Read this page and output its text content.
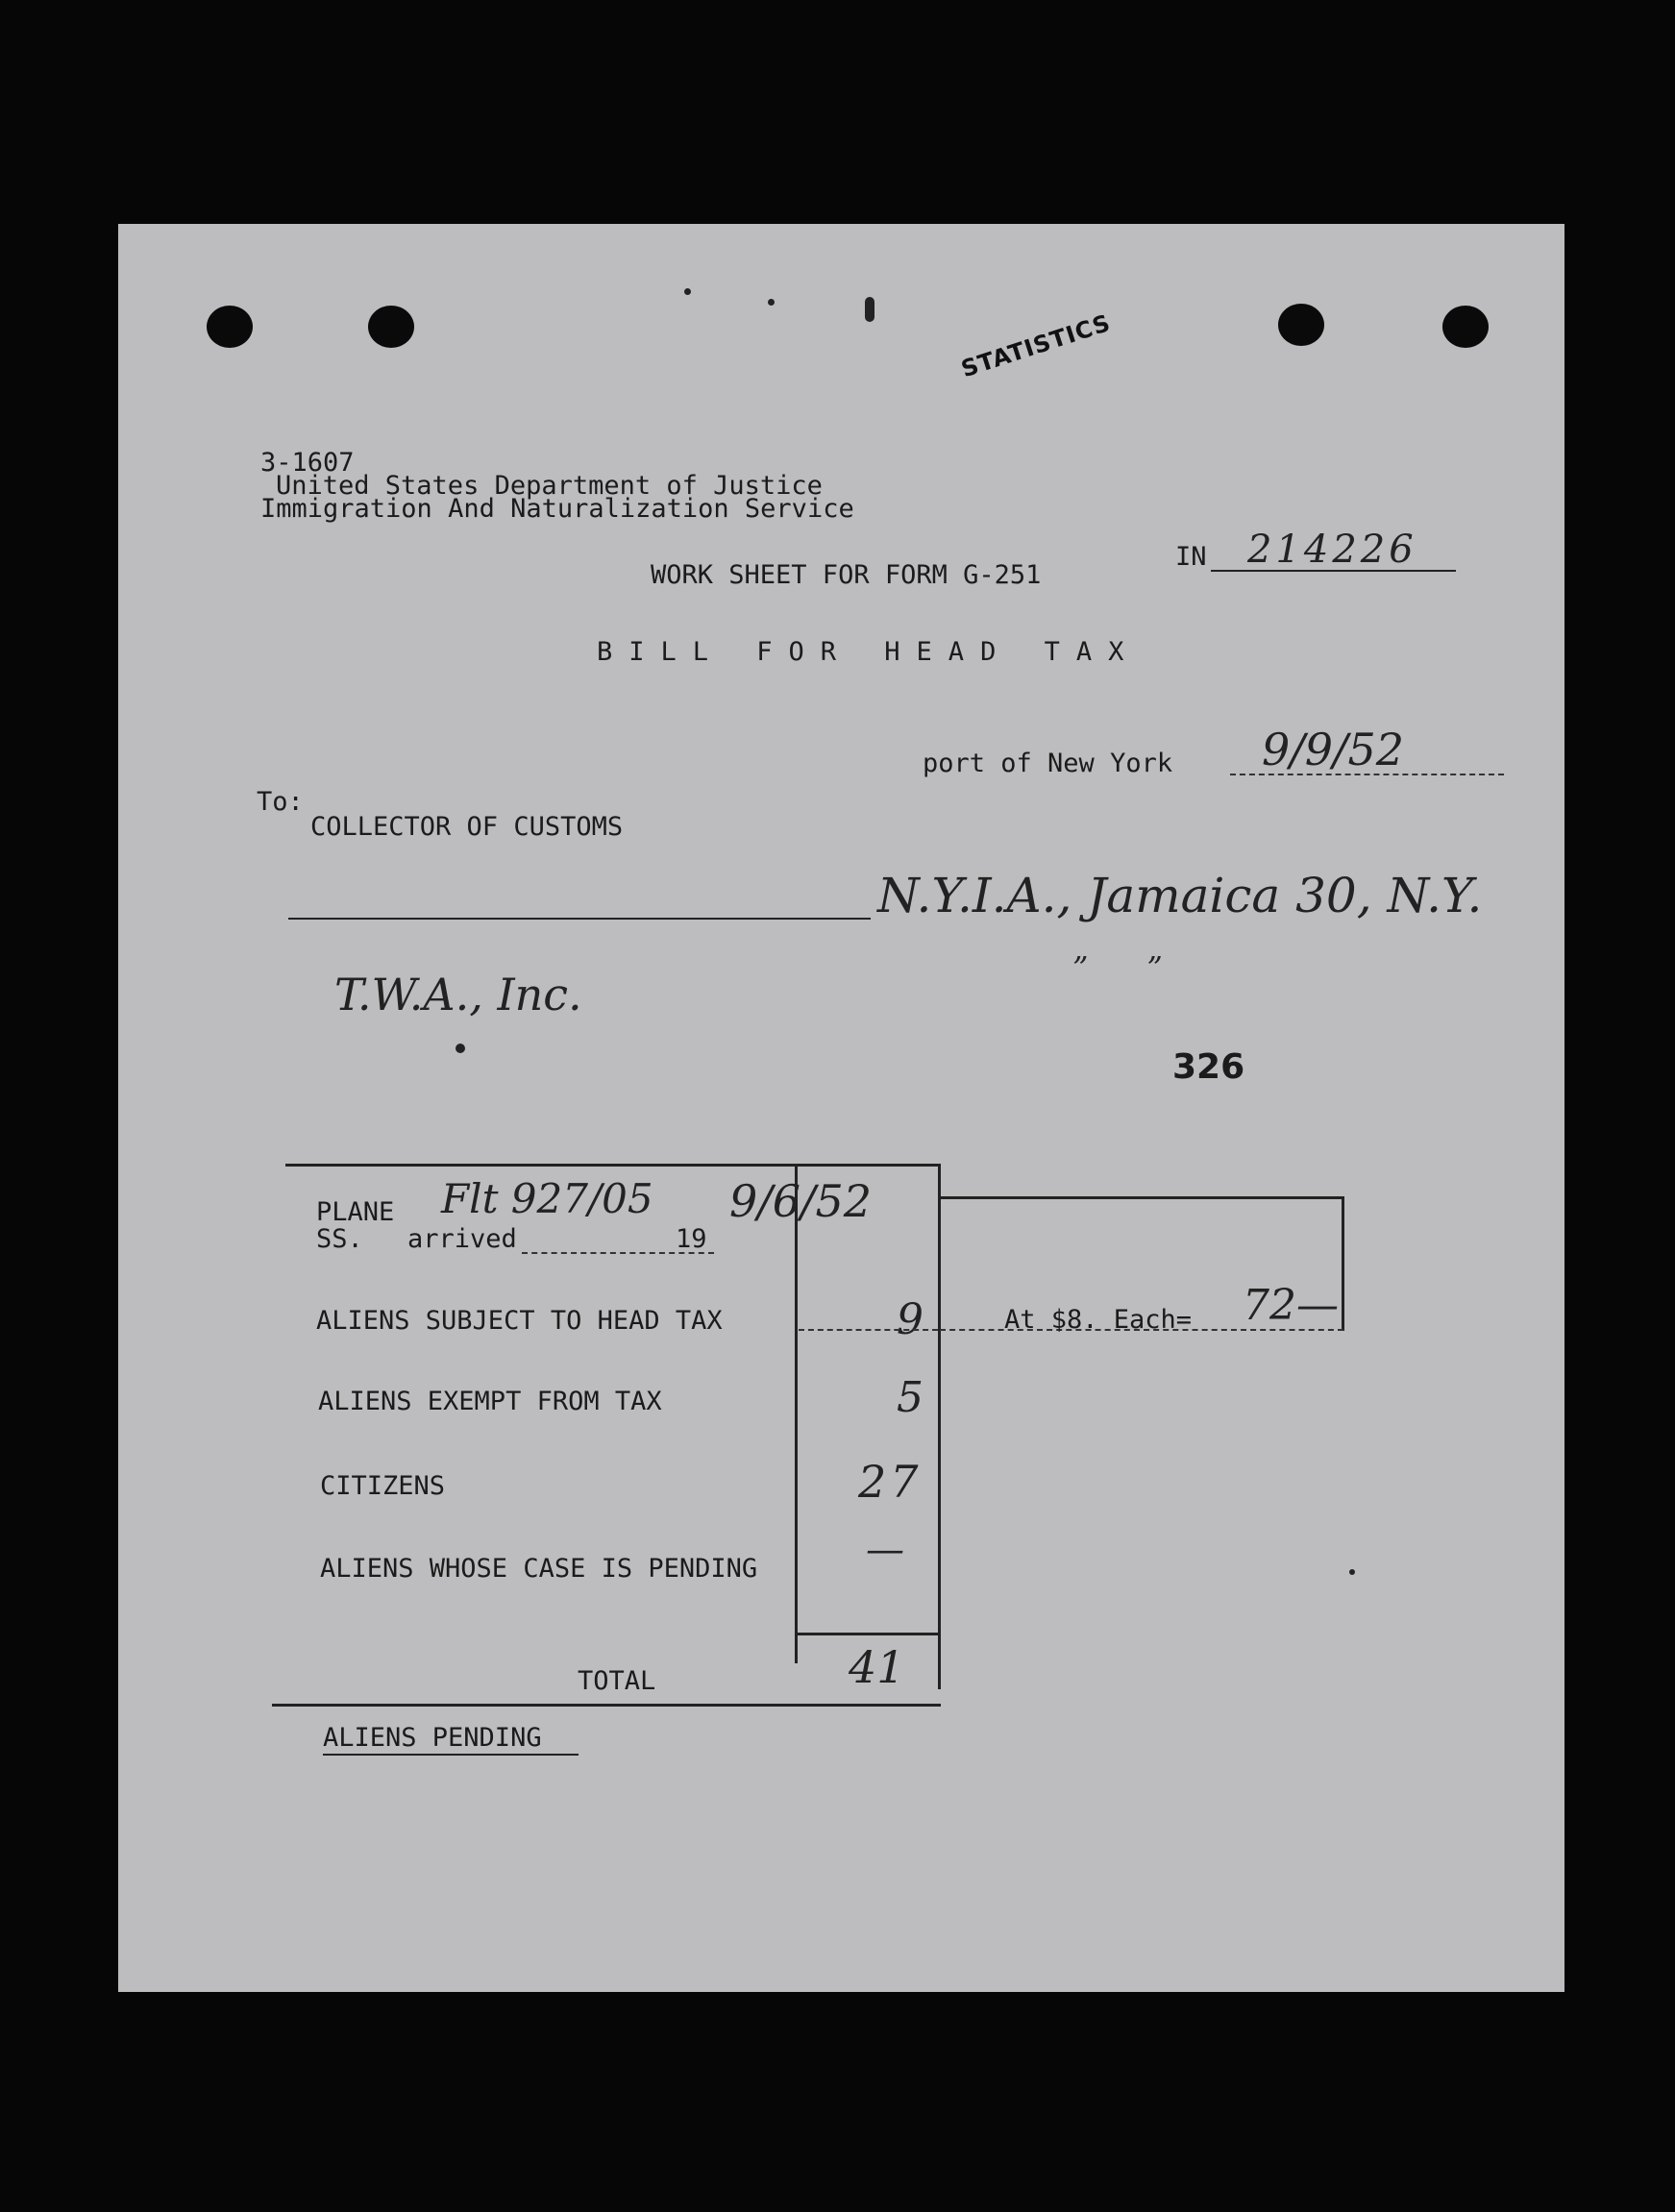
STATISTICS
3-1607
United States Department of Justice
Immigration And Naturalization Service
WORK SHEET FOR FORM G-251
IN 214226
BILL FOR HEAD TAX
port of New York 9/9/52
To:
COLLECTOR OF CUSTOMS
N.Y.I.A., Jamaica 30, N.Y.
”      ”
T.W.A., Inc.
326
PLANE Flt 927/05
SS. arrived	19
9/6/52
ALIENS SUBJECT TO HEAD TAX	9	At $8. Each= 72—
ALIENS EXEMPT FROM TAX	5
CITIZENS	27
ALIENS WHOSE CASE IS PENDING	—
TOTAL	41
ALIENS PENDING
